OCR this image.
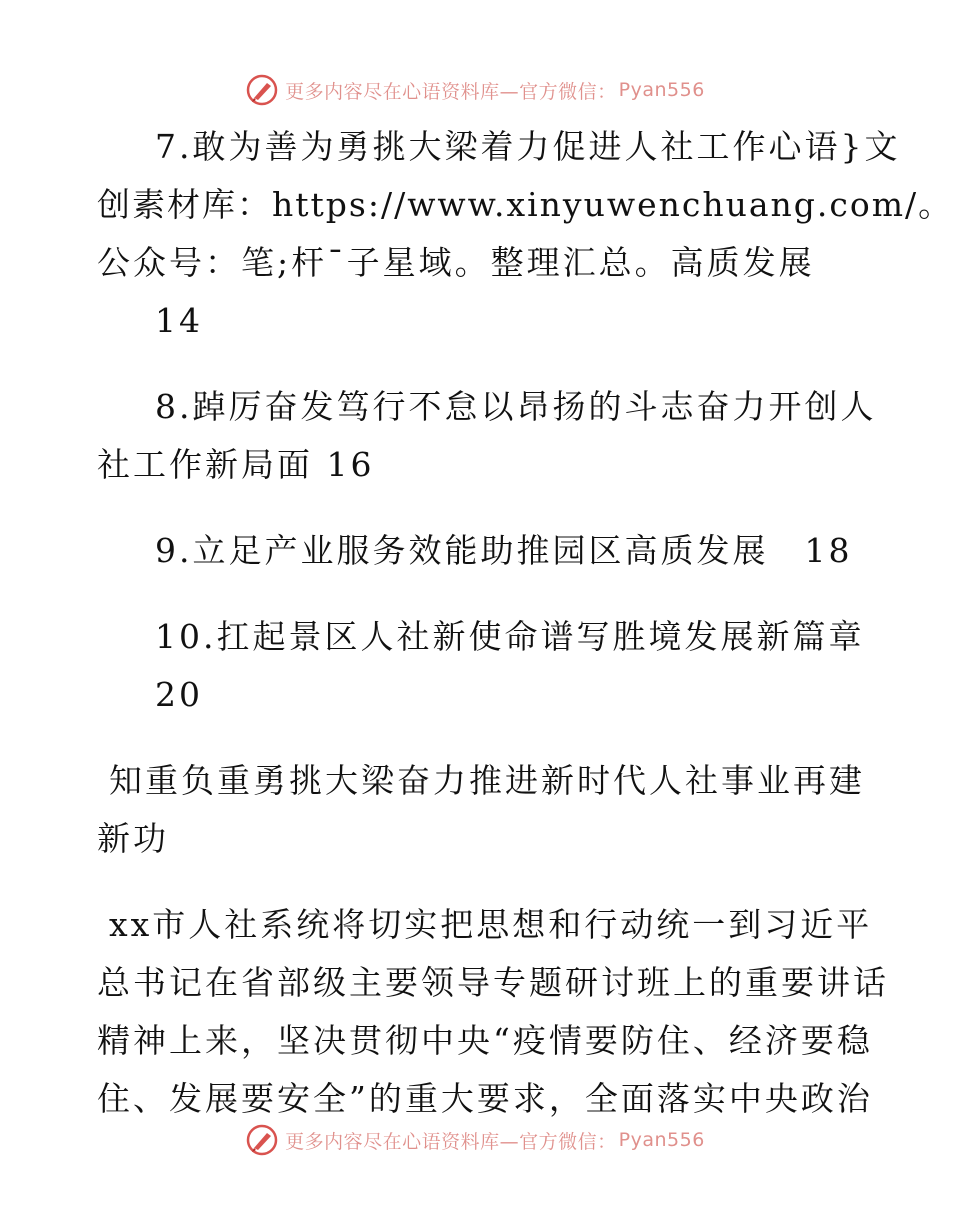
更多内容尽在心语资料库—官方微信： Pyan556
7.敢为善为勇挑大梁着力促进人社工作心语}文
创素材库：https://www.xinyuwenchuang.com/。
公众号：笔;杆¯子星域。整理汇总。高质发展
14
8.踔厉奋发笃行不怠以昂扬的斗志奋力开创人
社工作新局面 16
9.立足产业服务效能助推园区高质发展　18
10.扛起景区人社新使命谱写胜境发展新篇章
20
知重负重勇挑大梁奋力推进新时代人社事业再建
新功
xx市人社系统将切实把思想和行动统一到习近平
总书记在省部级主要领导专题研讨班上的重要讲话
精神上来，坚决贯彻中央“疫情要防住、经济要稳
住、发展要安全”的重大要求，全面落实中央政治
更多内容尽在心语资料库—官方微信： Pyan556
